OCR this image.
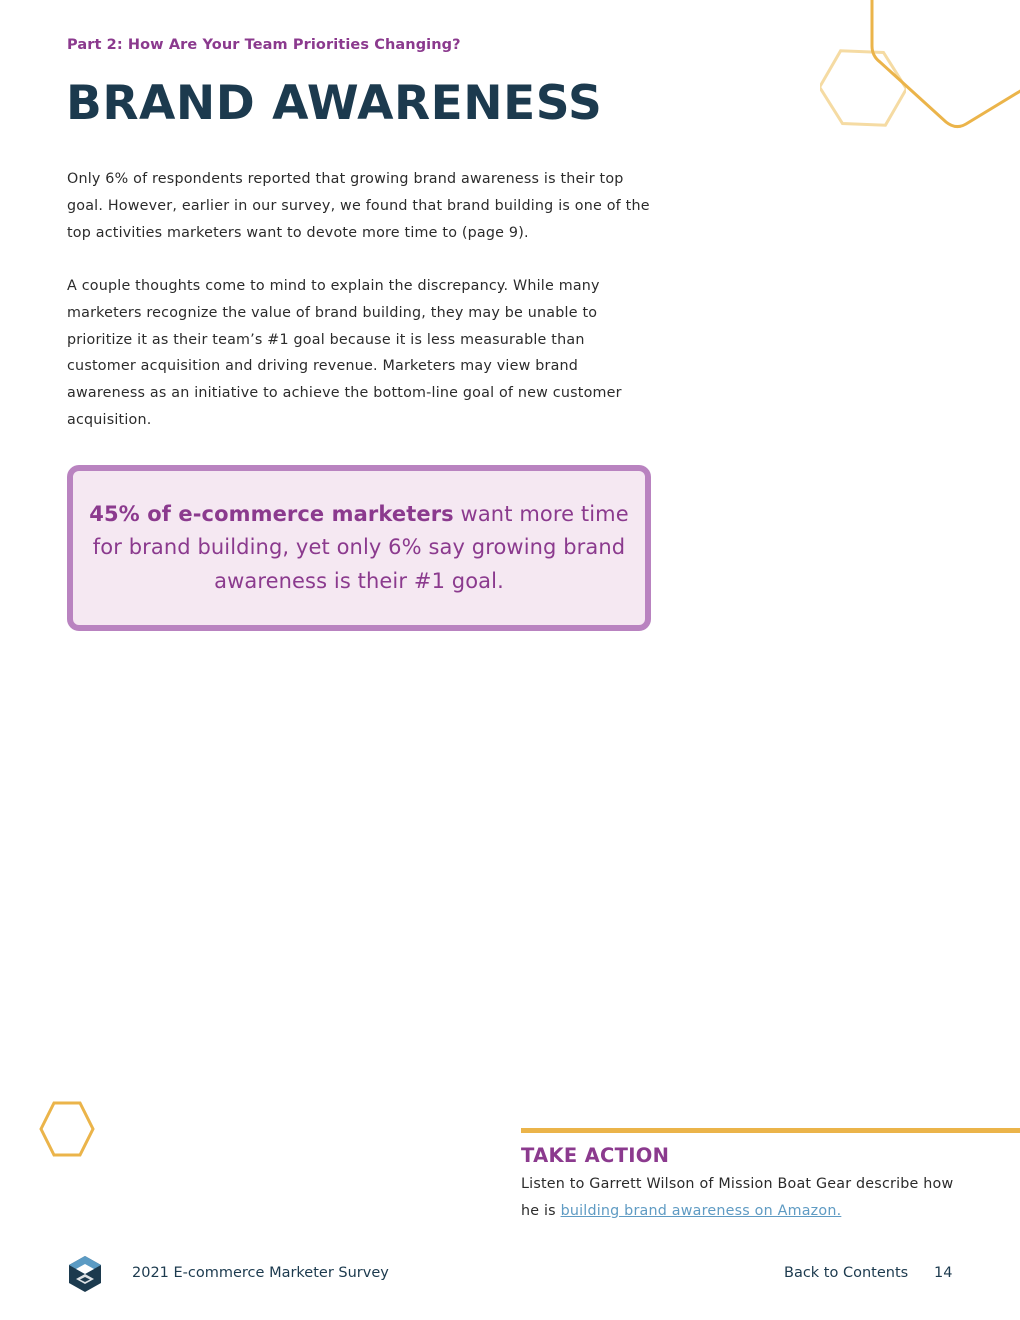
Part 2: How Are Your Team Priorities Changing?
BRAND AWARENESS

Only 6% of respondents reported that growing brand awareness is their top goal. However, earlier in our survey, we found that brand building is one of the top activities marketers want to devote more time to (page 9).

A couple thoughts come to mind to explain the discrepancy. While many marketers recognize the value of brand building, they may be unable to prioritize it as their team’s #1 goal because it is less measurable than customer acquisition and driving revenue. Marketers may view brand awareness as an initiative to achieve the bottom-line goal of new customer acquisition.

45% of e-commerce marketers want more time for brand building, yet only 6% say growing brand awareness is their #1 goal.

TAKE ACTION

Listen to Garrett Wilson of Mission Boat Gear describe how he is building brand awareness on Amazon.

2021 E-commerce Marketer Survey	Back to Contents 14
